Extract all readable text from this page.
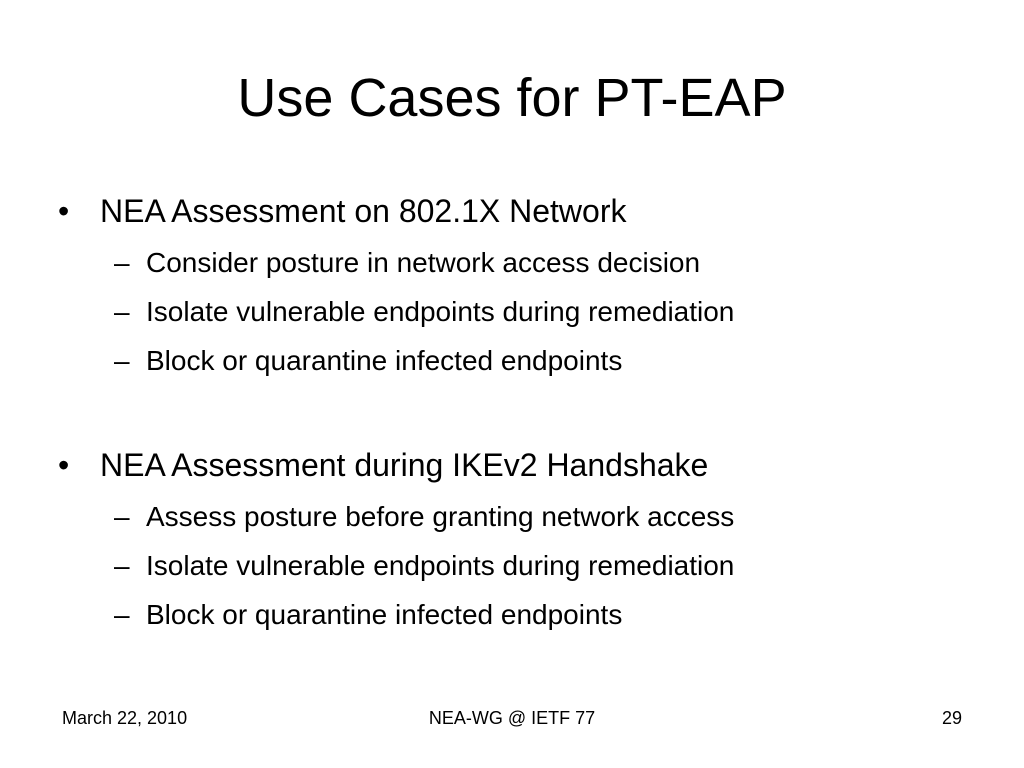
Use Cases for PT-EAP
• NEA Assessment on 802.1X Network
– Consider posture in network access decision
– Isolate vulnerable endpoints during remediation
– Block or quarantine infected endpoints
• NEA Assessment during IKEv2 Handshake
– Assess posture before granting network access
– Isolate vulnerable endpoints during remediation
– Block or quarantine infected endpoints
March 22, 2010	NEA-WG @ IETF 77	29
